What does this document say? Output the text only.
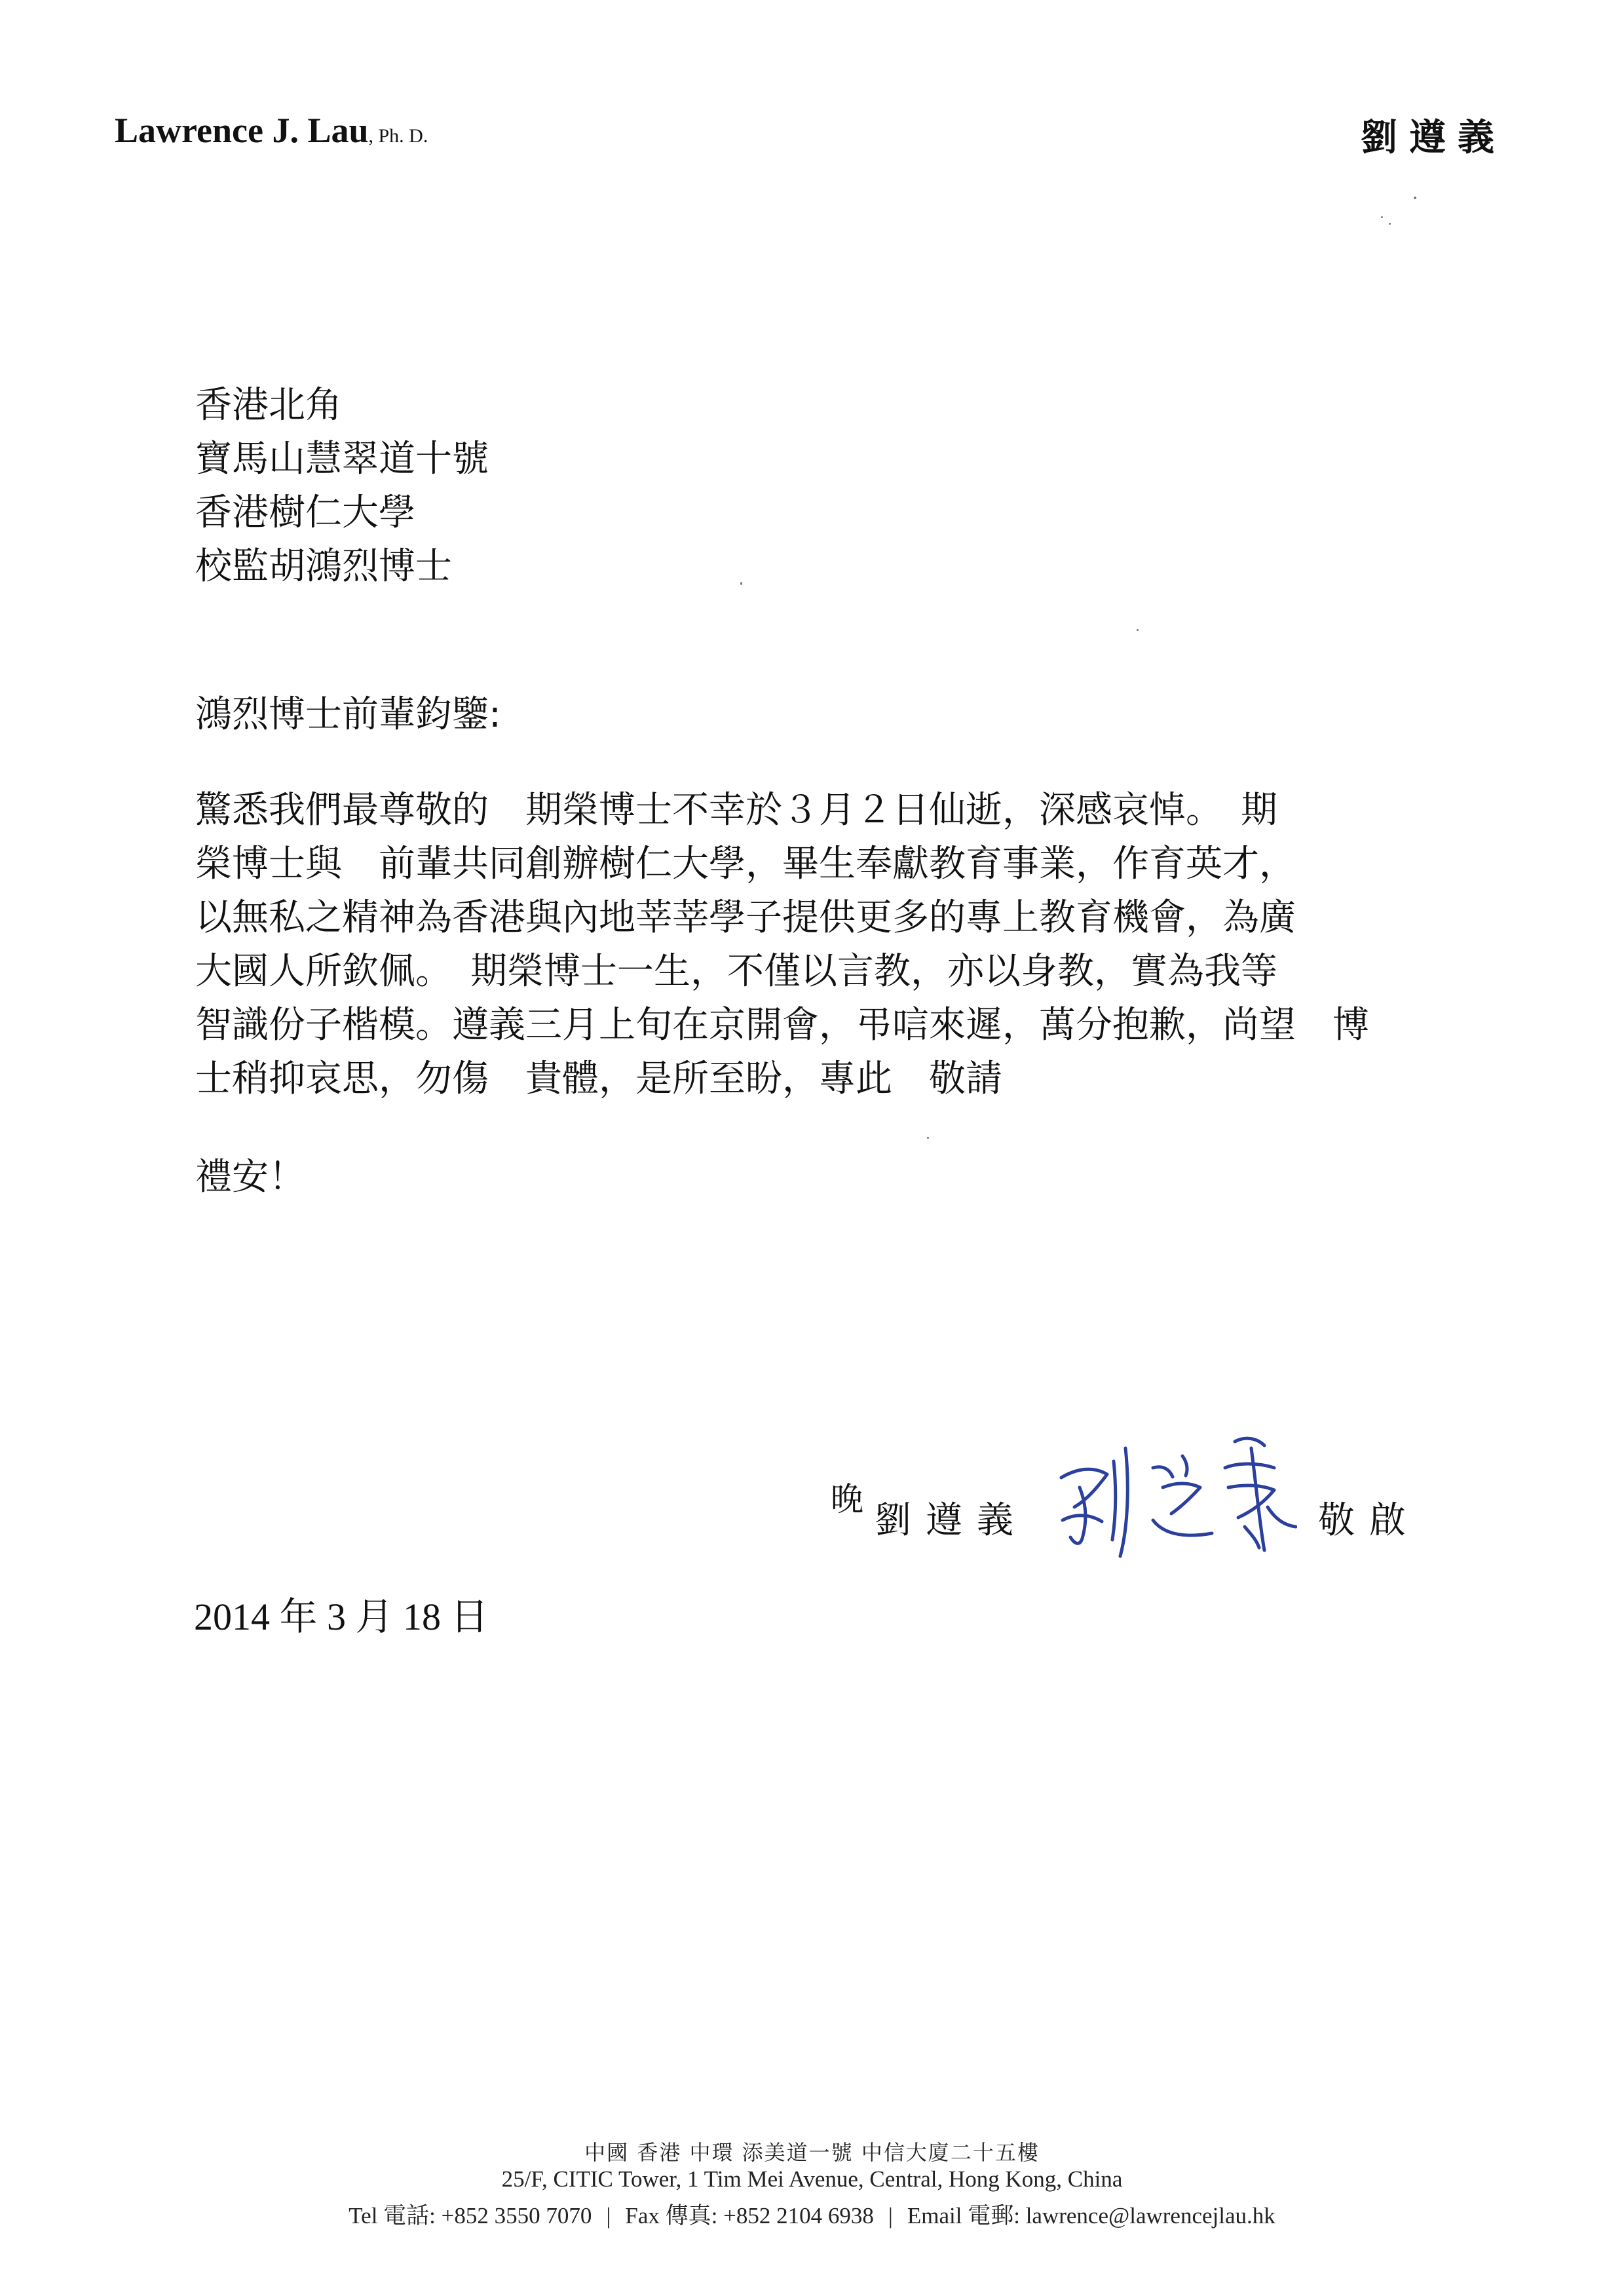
Lawrence J. Lau, Ph. D.	劉遵義
香港北角
寶馬山慧翠道十號
香港樹仁大學
校監胡鴻烈博士
鴻烈博士前輩鈞鑒:
驚悉我們最尊敬的　期榮博士不幸於３月２日仙逝，深感哀悼。　期
榮博士與　前輩共同創辦樹仁大學，畢生奉獻教育事業，作育英才，
以無私之精神為香港與內地莘莘學子提供更多的專上教育機會，為廣
大國人所欽佩。　期榮博士一生，不僅以言教，亦以身教，實為我等
智識份子楷模。遵義三月上旬在京開會，弔唁來遲，萬分抱歉，尚望　博
士稍抑哀思，勿傷　貴體，是所至盼，專此　敬請
禮安！
晚 劉遵義	敬啟
2014 年 3 月 18 日
中國 香港 中環 添美道一號 中信大廈二十五樓
25/F, CITIC Tower, 1 Tim Mei Avenue, Central, Hong Kong, China
Tel 電話: +852 3550 7070 | Fax 傳真: +852 2104 6938 | Email 電郵: lawrence@lawrencejlau.hk
